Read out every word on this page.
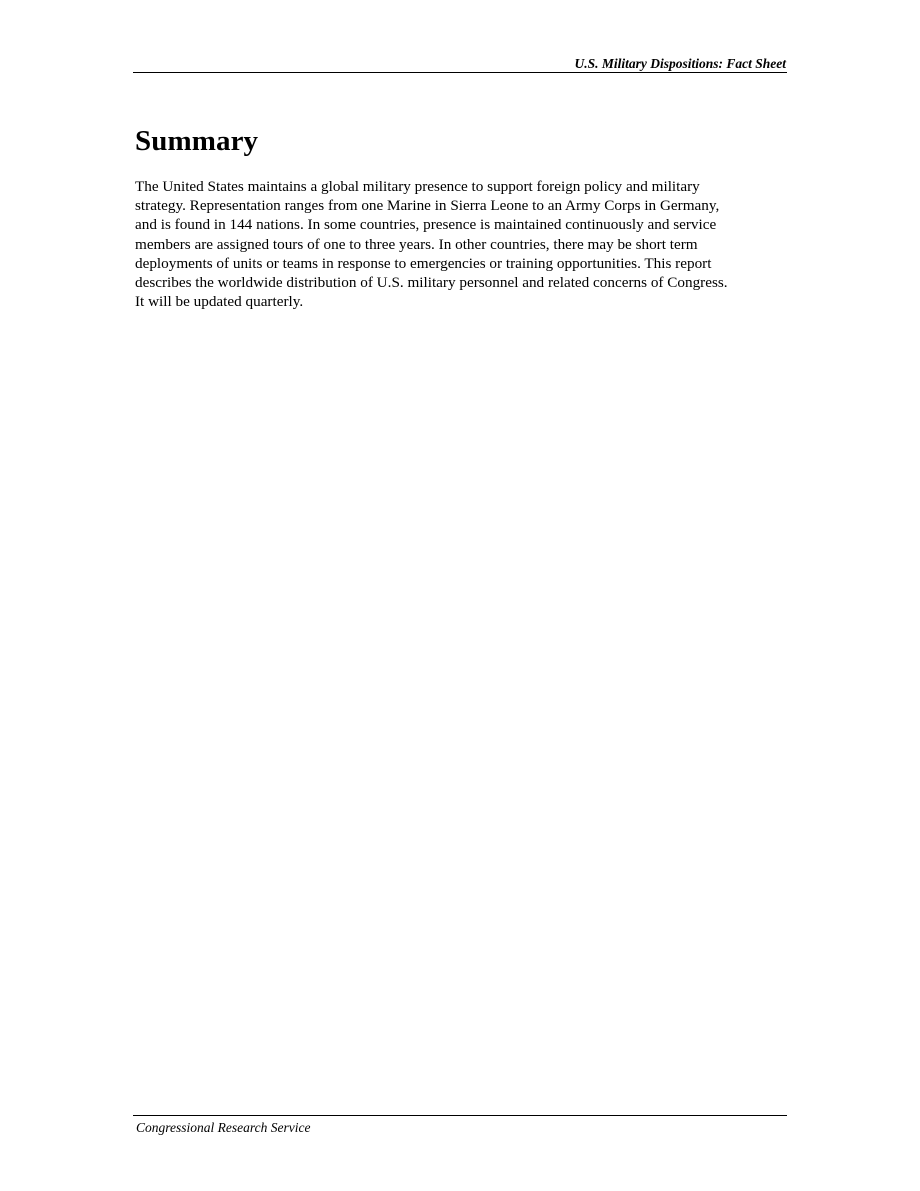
U.S. Military Dispositions: Fact Sheet
Summary
The United States maintains a global military presence to support foreign policy and military
strategy. Representation ranges from one Marine in Sierra Leone to an Army Corps in Germany,
and is found in 144 nations. In some countries, presence is maintained continuously and service
members are assigned tours of one to three years. In other countries, there may be short term
deployments of units or teams in response to emergencies or training opportunities. This report
describes the worldwide distribution of U.S. military personnel and related concerns of Congress.
It will be updated quarterly.
Congressional Research Service
